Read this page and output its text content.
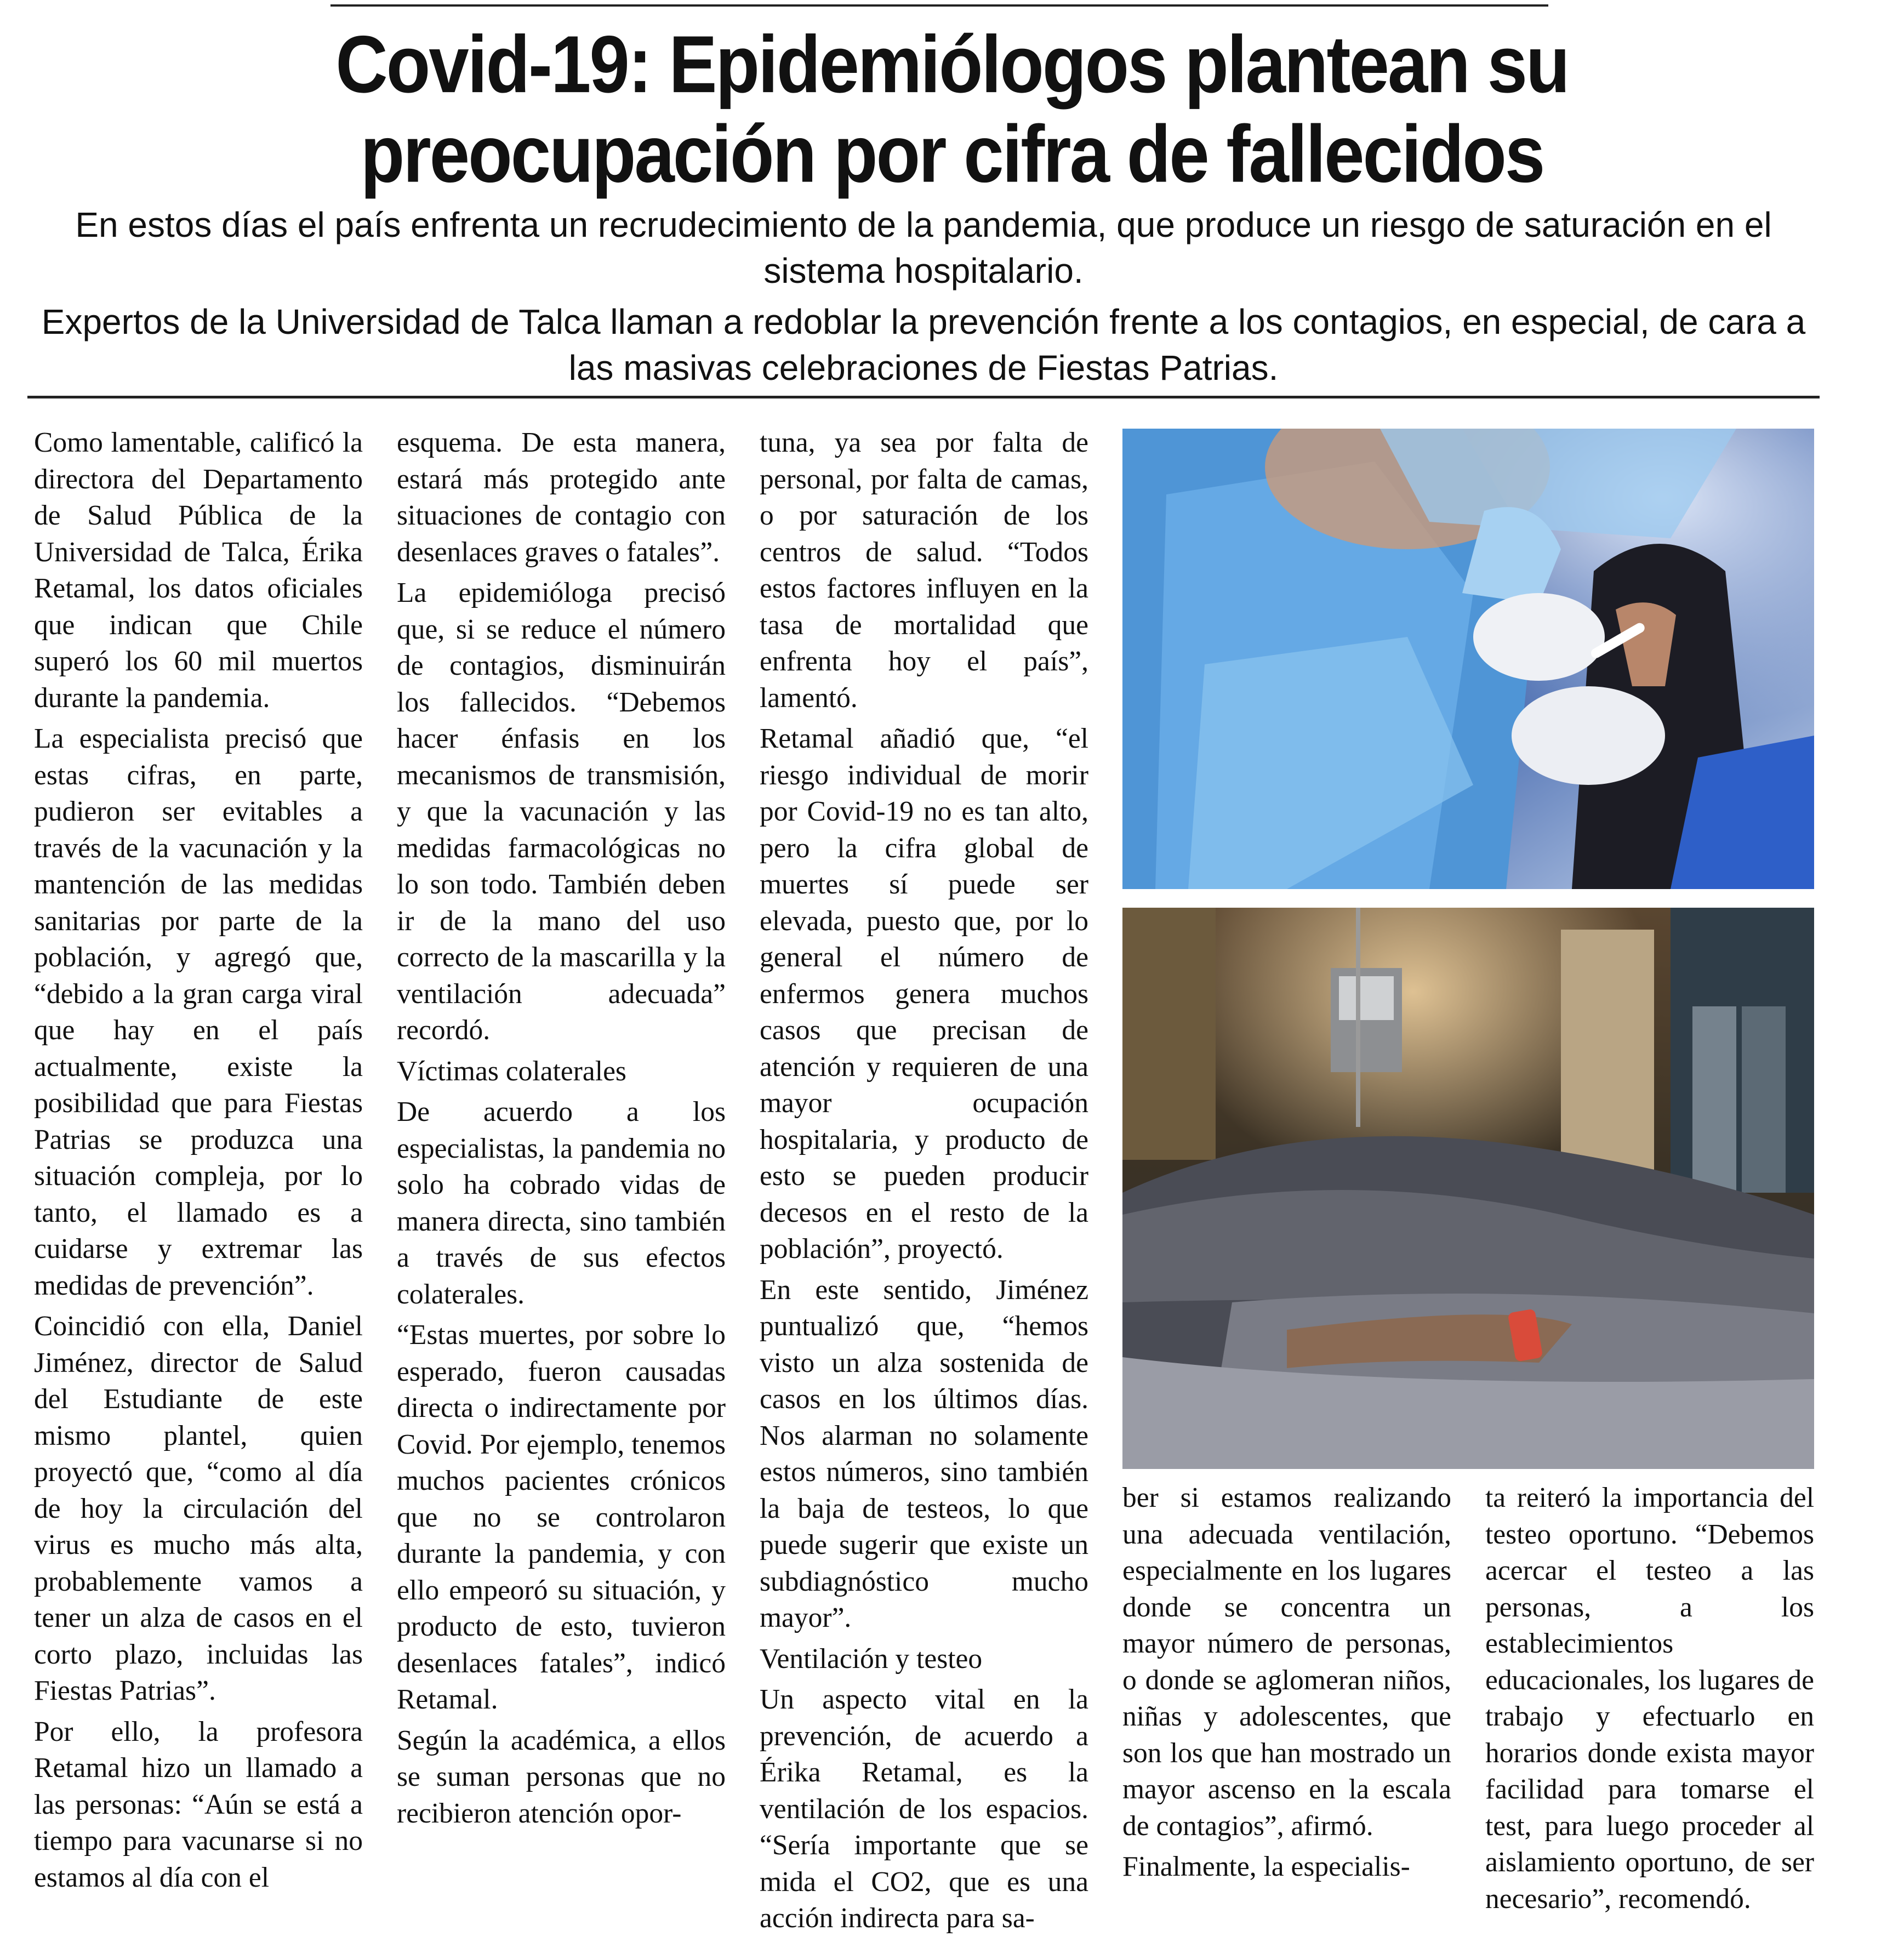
Covid-19: Epidemiólogos plantean su
preocupación por cifra de fallecidos

En estos días el país enfrenta un recrudecimiento de la pandemia, que produce un riesgo de saturación en el sistema hospitalario.

Expertos de la Universidad de Talca llaman a redoblar la prevención frente a los contagios, en especial, de cara a las masivas celebraciones de Fiestas Patrias.

Como lamentable, calificó la directora del Departamento de Salud Pública de la Universidad de Talca, Érika Retamal, los datos oficiales que indican que Chile superó los 60 mil muertos durante la pandemia.

La especialista precisó que estas cifras, en parte, pudieron ser evitables a través de la vacunación y la mantención de las medidas sanitarias por parte de la población, y agregó que, “debido a la gran carga viral que hay en el país actualmente, existe la posibilidad que para Fiestas Patrias se produzca una situación compleja, por lo tanto, el llamado es a cuidarse y extremar las medidas de prevención”.

Coincidió con ella, Daniel Jiménez, director de Salud del Estudiante de este mismo plantel, quien proyectó que, “como al día de hoy la circulación del virus es mucho más alta, probablemente vamos a tener un alza de casos en el corto plazo, incluidas las Fiestas Patrias”.

Por ello, la profesora Retamal hizo un llamado a las personas: “Aún se está a tiempo para vacunarse si no estamos al día con el

esquema. De esta manera, estará más protegido ante situaciones de contagio con desenlaces graves o fatales”.

La epidemióloga precisó que, si se reduce el número de contagios, disminuirán los fallecidos. “Debemos hacer énfasis en los mecanismos de transmisión, y que la vacunación y las medidas farmacológicas no lo son todo. También deben ir de la mano del uso correcto de la mascarilla y la ventilación adecuada” recordó.

Víctimas colaterales

De acuerdo a los especialistas, la pandemia no solo ha cobrado vidas de manera directa, sino también a través de sus efectos colaterales.

“Estas muertes, por sobre lo esperado, fueron causadas directa o indirectamente por Covid. Por ejemplo, tenemos muchos pacientes crónicos que no se controlaron durante la pandemia, y con ello empeoró su situación, y producto de esto, tuvieron desenlaces fatales”, indicó Retamal.

Según la académica, a ellos se suman personas que no recibieron atención opor-

tuna, ya sea por falta de personal, por falta de camas, o por saturación de los centros de salud. “Todos estos factores influyen en la tasa de mortalidad que enfrenta hoy el país”, lamentó.

Retamal añadió que, “el riesgo individual de morir por Covid-19 no es tan alto, pero la cifra global de muertes sí puede ser elevada, puesto que, por lo general el número de enfermos genera muchos casos que precisan de atención y requieren de una mayor ocupación hospitalaria, y producto de esto se pueden producir decesos en el resto de la población”, proyectó.

En este sentido, Jiménez puntualizó que, “hemos visto un alza sostenida de casos en los últimos días. Nos alarman no solamente estos números, sino también la baja de testeos, lo que puede sugerir que existe un subdiagnóstico mucho mayor”.

Ventilación y testeo

Un aspecto vital en la prevención, de acuerdo a Érika Retamal, es la ventilación de los espacios. “Sería importante que se mida el CO2, que es una acción indirecta para sa-

ber si estamos realizando una adecuada ventilación, especialmente en los lugares donde se concentra un mayor número de personas, o donde se aglomeran niños, niñas y adolescentes, que son los que han mostrado un mayor ascenso en la escala de contagios”, afirmó.

Finalmente, la especialis-

ta reiteró la importancia del testeo oportuno. “Debemos acercar el testeo a las personas, a los establecimientos educacionales, los lugares de trabajo y efectuarlo en horarios donde exista mayor facilidad para tomarse el test, para luego proceder al aislamiento oportuno, de ser necesario”, recomendó.
